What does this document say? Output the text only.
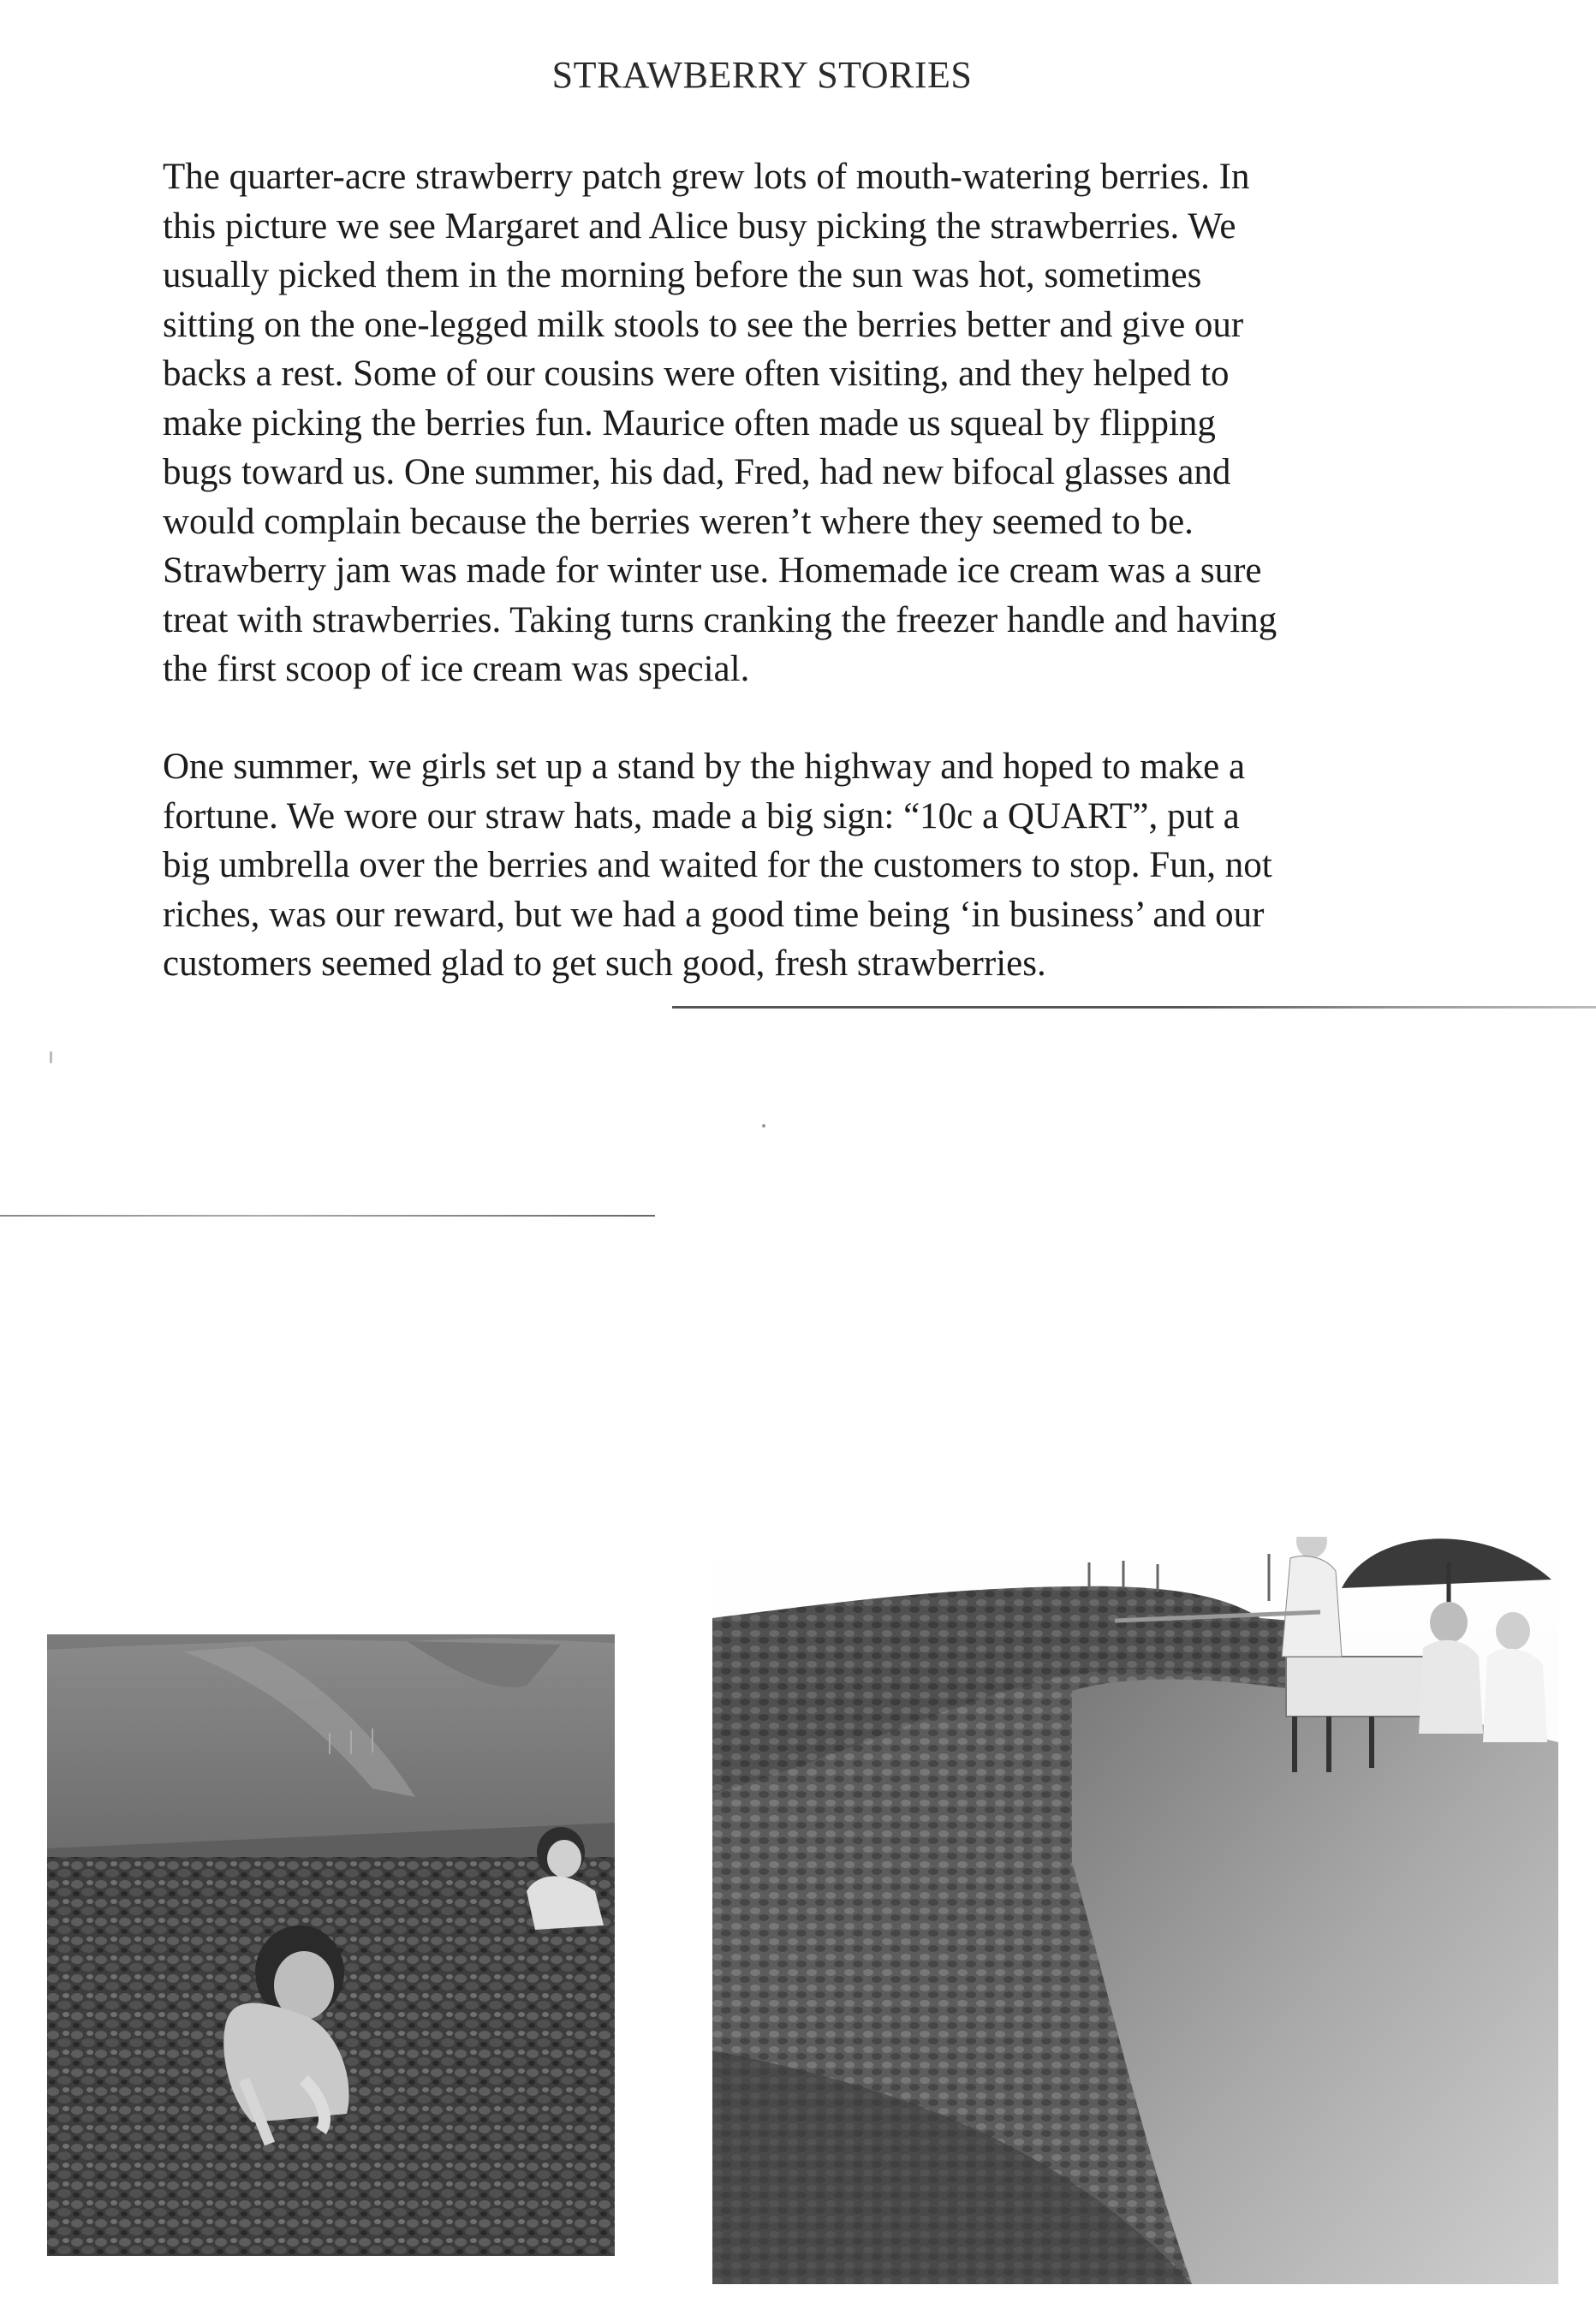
STRAWBERRY STORIES

The quarter-acre strawberry patch grew lots of mouth-watering berries. In
this picture we see Margaret and Alice busy picking the strawberries. We
usually picked them in the morning before the sun was hot, sometimes
sitting on the one-legged milk stools to see the berries better and give our
backs a rest. Some of our cousins were often visiting, and they helped to
make picking the berries fun. Maurice often made us squeal by flipping
bugs toward us. One summer, his dad, Fred, had new bifocal glasses and
would complain because the berries weren’t where they seemed to be.
Strawberry jam was made for winter use. Homemade ice cream was a sure
treat with strawberries. Taking turns cranking the freezer handle and having
the first scoop of ice cream was special.

One summer, we girls set up a stand by the highway and hoped to make a
fortune. We wore our straw hats, made a big sign: “10c a QUART”, put a
big umbrella over the berries and waited for the customers to stop. Fun, not
riches, was our reward, but we had a good time being ‘in business’ and our
customers seemed glad to get such good, fresh strawberries.
